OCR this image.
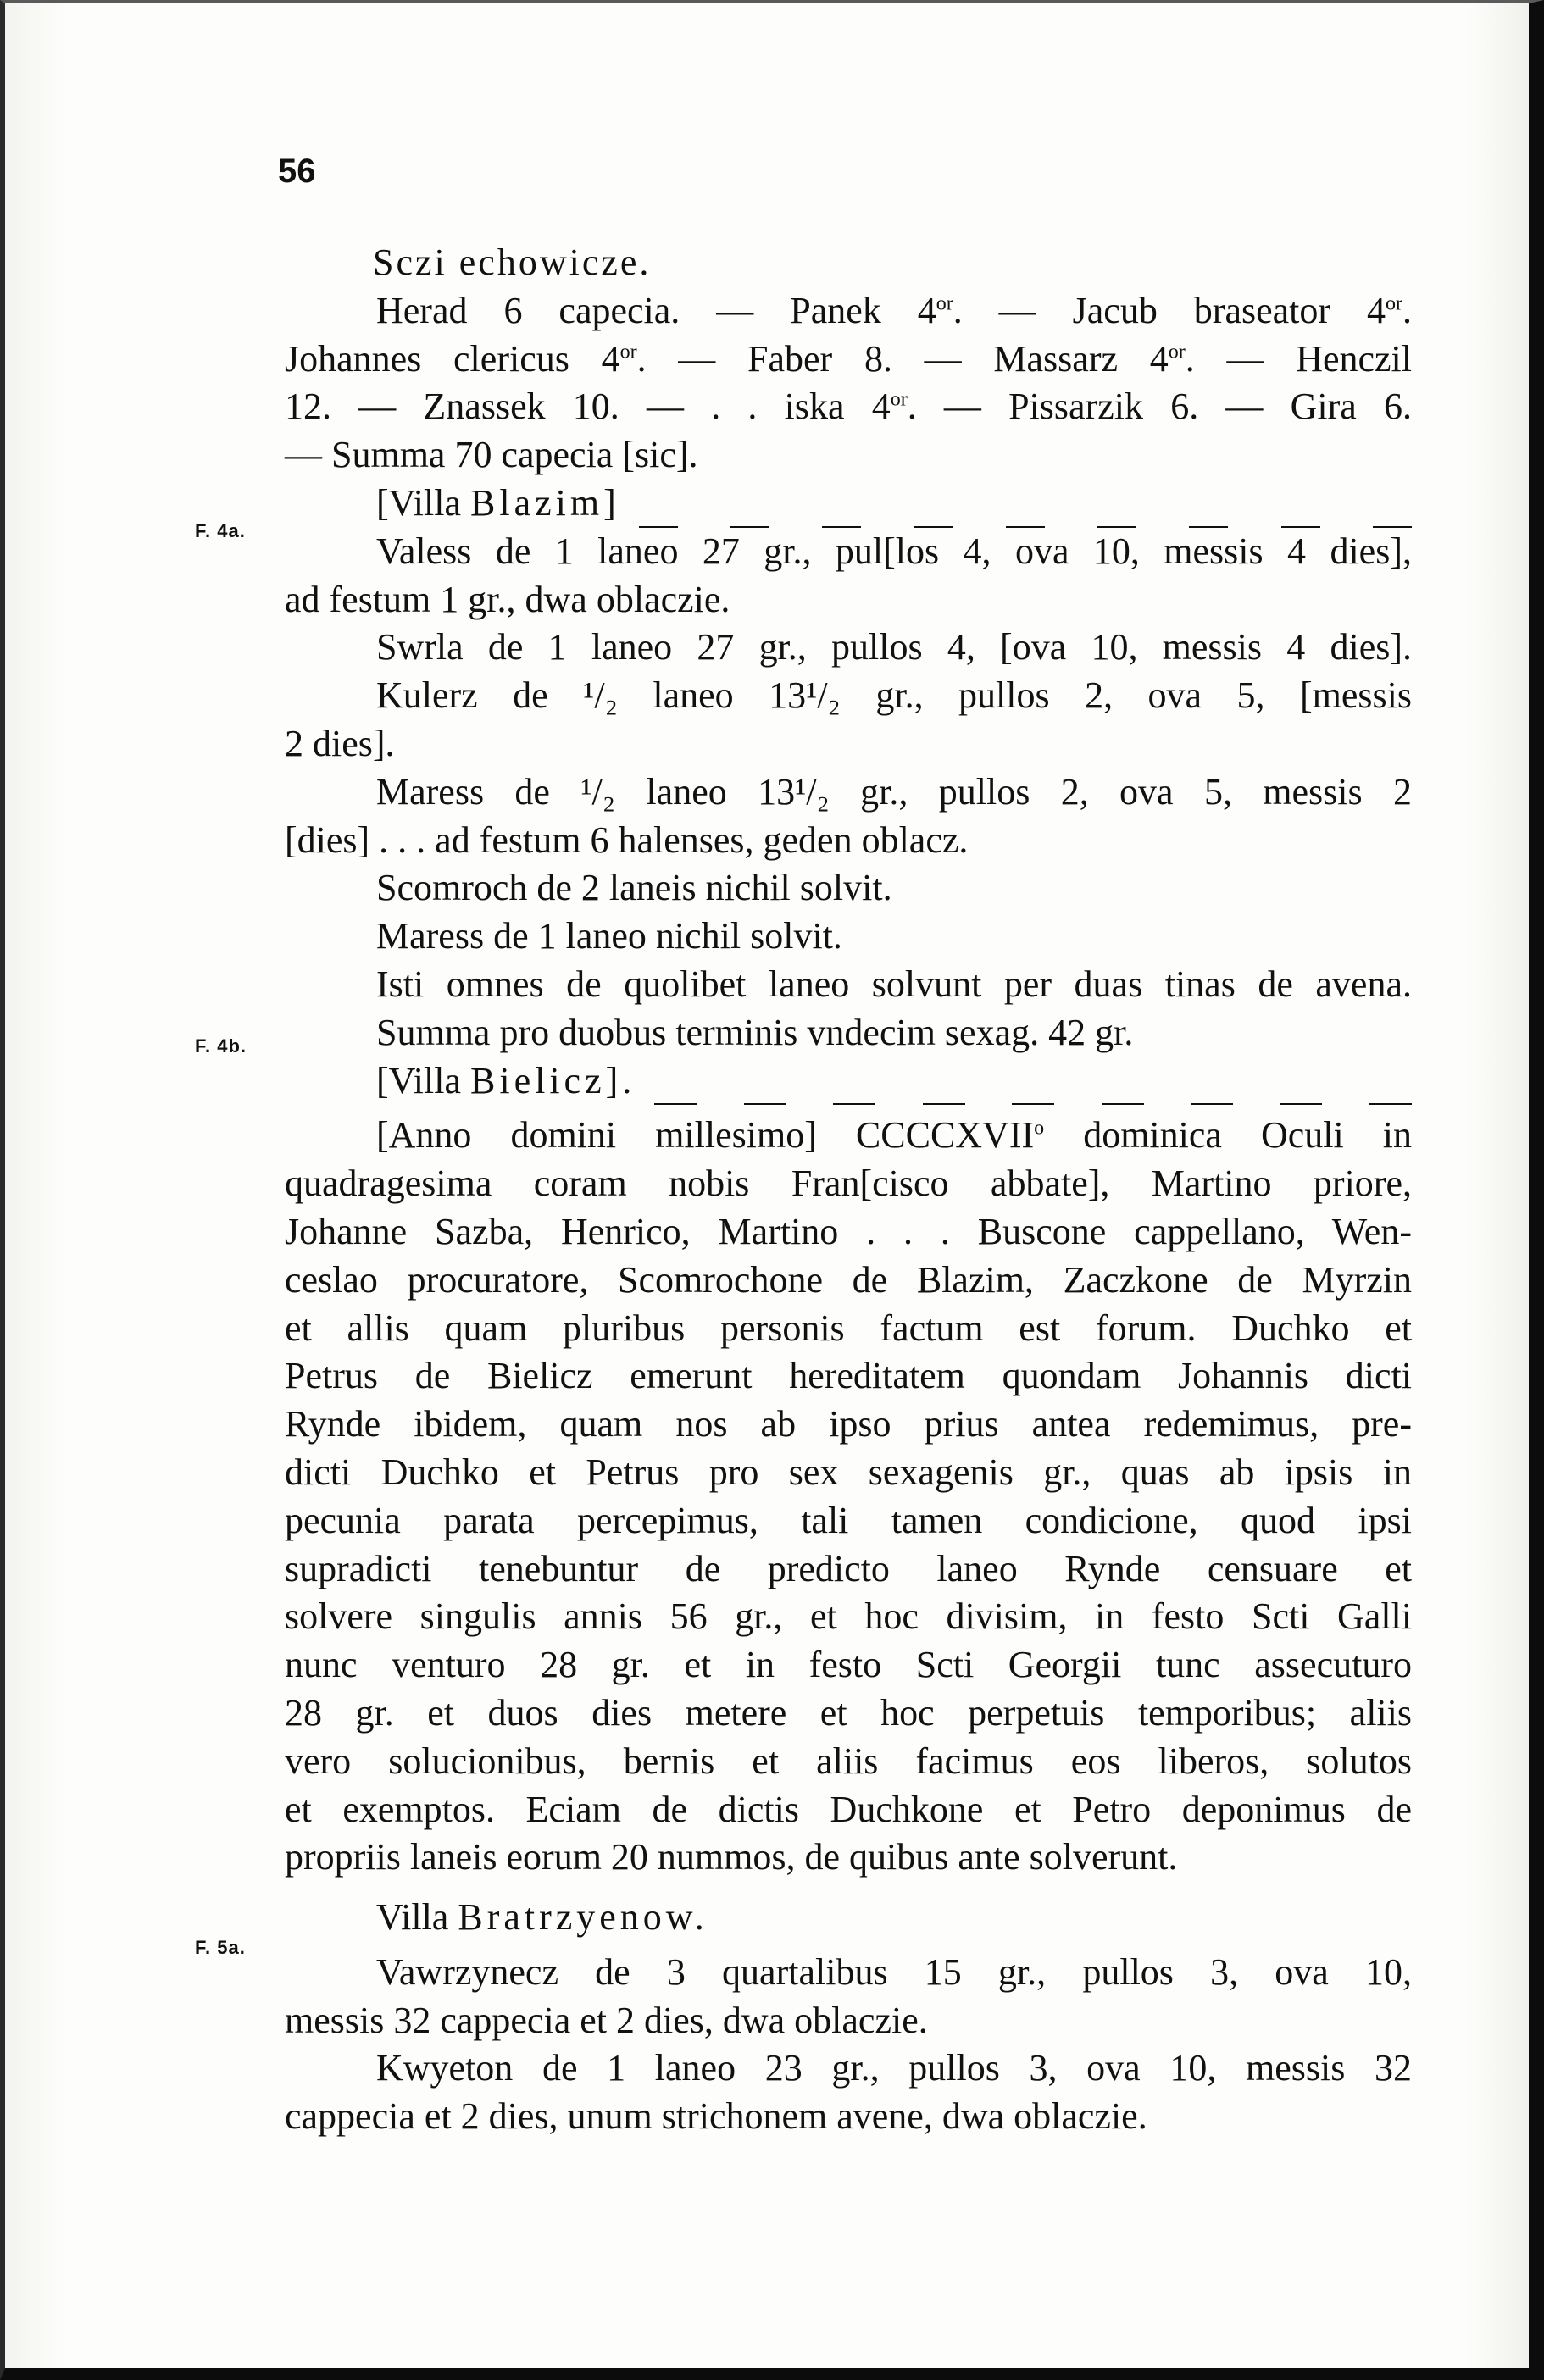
56
F. 4a.
F. 4b.
F. 5a.
Sczi echowicze.
Herad 6 capecia. — Panek $4^{or}$. — Jacub braseator $4^{or}$.
Johannes clericus $4^{or}$. — Faber 8. — Massarz $4^{or}$. — Henczil
12. — Znassek 10. — . . iska $4^{or}$. — Pissarzik 6. — Gira 6.
— Summa 70 capecia [sic].
[Villa Blazim]
Valess de 1 laneo 27 gr., pul[los 4, ova 10, messis 4 dies],
ad festum 1 gr., dwa oblaczie.
Swrla de 1 laneo 27 gr., pullos 4, [ova 10, messis 4 dies].
Kulerz de ¹/₂ laneo 13¹/₂ gr., pullos 2, ova 5, [messis
2 dies].
Maress de ¹/₂ laneo 13¹/₂ gr., pullos 2, ova 5, messis 2
[dies] . . . ad festum 6 halenses, geden oblacz.
Scomroch de 2 laneis nichil solvit.
Maress de 1 laneo nichil solvit.
Isti omnes de quolibet laneo solvunt per duas tinas de avena.
Summa pro duobus terminis vndecim sexag. 42 gr.
[Villa Bielicz].
[Anno domini millesimo] CCCCXVII$^o$ dominica Oculi in
quadragesima coram nobis Fran[cisco abbate], Martino priore,
Johanne Sazba, Henrico, Martino . . . Buscone cappellano, Wen-
ceslao procuratore, Scomrochone de Blazim, Zaczkone de Myrzin
et allis quam pluribus personis factum est forum. Duchko et
Petrus de Bielicz emerunt hereditatem quondam Johannis dicti
Rynde ibidem, quam nos ab ipso prius antea redemimus, pre-
dicti Duchko et Petrus pro sex sexagenis gr., quas ab ipsis in
pecunia parata percepimus, tali tamen condicione, quod ipsi
supradicti tenebuntur de predicto laneo Rynde censuare et
solvere singulis annis 56 gr., et hoc divisim, in festo Scti Galli
nunc venturo 28 gr. et in festo Scti Georgii tunc assecuturo
28 gr. et duos dies metere et hoc perpetuis temporibus; aliis
vero solucionibus, bernis et aliis facimus eos liberos, solutos
et exemptos. Eciam de dictis Duchkone et Petro deponimus de
propriis laneis eorum 20 nummos, de quibus ante solverunt.
Villa Bratrzyenow.
Vawrzynecz de 3 quartalibus 15 gr., pullos 3, ova 10,
messis 32 cappecia et 2 dies, dwa oblaczie.
Kwyeton de 1 laneo 23 gr., pullos 3, ova 10, messis 32
cappecia et 2 dies, unum strichonem avene, dwa oblaczie.
